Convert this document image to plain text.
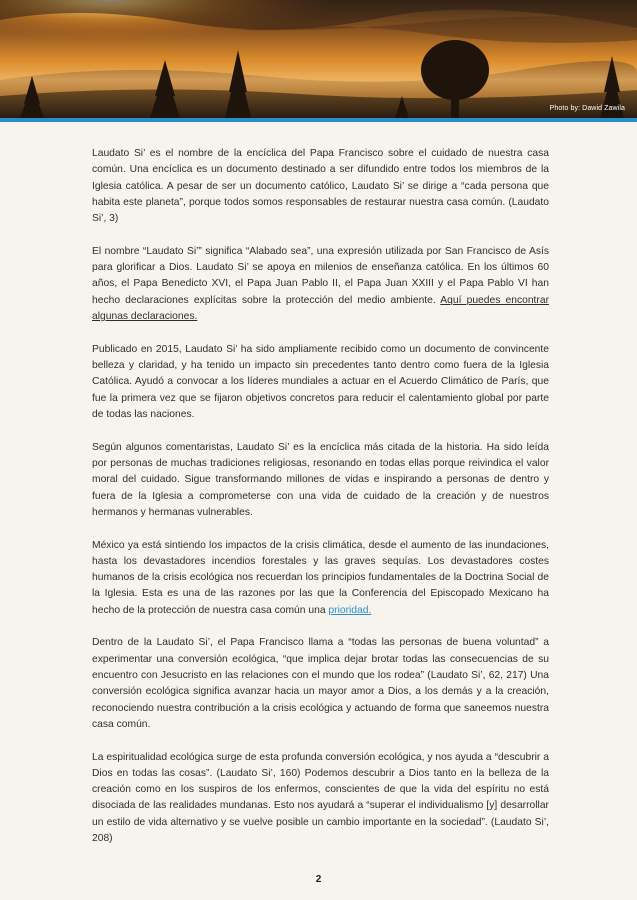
Photo by: Dawid Zawila

Laudato Si’ es el nombre de la encíclica del Papa Francisco sobre el cuidado de nuestra casa común. Una encíclica es un documento destinado a ser difundido entre todos los miembros de la Iglesia católica. A pesar de ser un documento católico, Laudato Si’ se dirige a “cada persona que habita este planeta”, porque todos somos responsables de restaurar nuestra casa común. (Laudato Si’, 3)

El nombre “Laudato Si’” significa “Alabado sea”, una expresión utilizada por San Francisco de Asís para glorificar a Dios. Laudato Si’ se apoya en milenios de enseñanza católica. En los últimos 60 años, el Papa Benedicto XVI, el Papa Juan Pablo II, el Papa Juan XXIII y el Papa Pablo VI han hecho declaraciones explícitas sobre la protección del medio ambiente. Aquí puedes encontrar algunas declaraciones.

Publicado en 2015, Laudato Si’ ha sido ampliamente recibido como un documento de convincente belleza y claridad, y ha tenido un impacto sin precedentes tanto dentro como fuera de la Iglesia Católica. Ayudó a convocar a los líderes mundiales a actuar en el Acuerdo Climático de París, que fue la primera vez que se fijaron objetivos concretos para reducir el calentamiento global por parte de todas las naciones.

Según algunos comentaristas, Laudato Si’ es la encíclica más citada de la historia. Ha sido leída por personas de muchas tradiciones religiosas, resonando en todas ellas porque reivindica el valor moral del cuidado. Sigue transformando millones de vidas e inspirando a personas de dentro y fuera de la Iglesia a comprometerse con una vida de cuidado de la creación y de nuestros hermanos y hermanas vulnerables.

México ya está sintiendo los impactos de la crisis climática, desde el aumento de las inundaciones, hasta los devastadores incendios forestales y las graves sequías. Los devastadores costes humanos de la crisis ecológica nos recuerdan los principios fundamentales de la Doctrina Social de la Iglesia. Esta es una de las razones por las que la Conferencia del Episcopado Mexicano ha hecho de la protección de nuestra casa común una prioridad.

Dentro de la Laudato Si’, el Papa Francisco llama a “todas las personas de buena voluntad” a experimentar una conversión ecológica, “que implica dejar brotar todas las consecuencias de su encuentro con Jesucristo en las relaciones con el mundo que los rodea” (Laudato Si’, 62, 217) Una conversión ecológica significa avanzar hacia un mayor amor a Dios, a los demás y a la creación, reconociendo nuestra contribución a la crisis ecológica y actuando de forma que saneemos nuestra casa común.

La espiritualidad ecológica surge de esta profunda conversión ecológica, y nos ayuda a “descubrir a Dios en todas las cosas”. (Laudato Si’, 160) Podemos descubrir a Dios tanto en la belleza de la creación como en los suspiros de los enfermos, conscientes de que la vida del espíritu no está disociada de las realidades mundanas. Esto nos ayudará a “superar el individualismo [y] desarrollar un estilo de vida alternativo y se vuelve posible un cambio importante en la sociedad”. (Laudato Si’, 208)

2
